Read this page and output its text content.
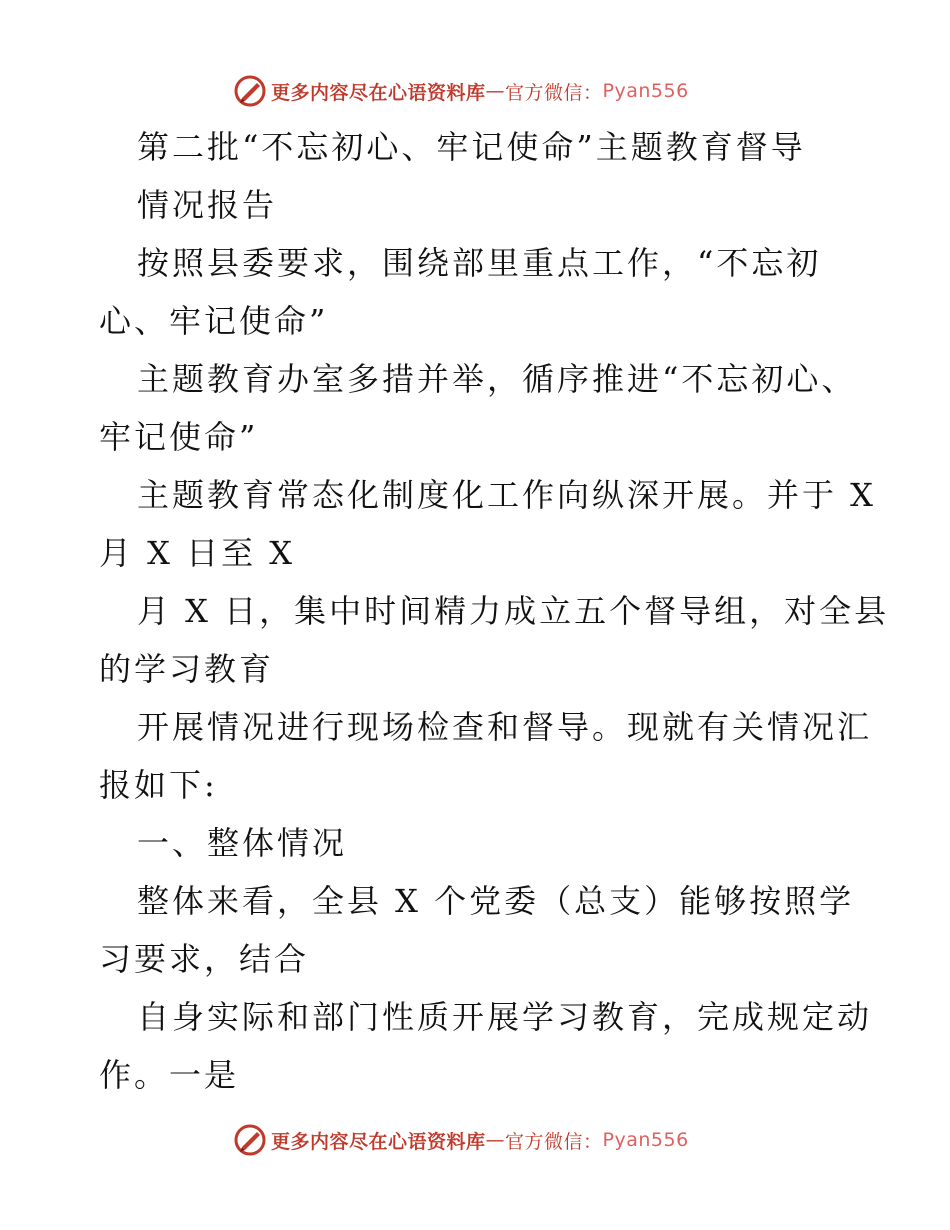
更多内容尽在心语资料库 — 官方微信： Pyan556
第二批“不忘初心、牢记使命”主题教育督导
情况报告
按照县委要求，围绕部里重点工作，“不忘初
心、牢记使命”
主题教育办室多措并举，循序推进“不忘初心、
牢记使命”
主题教育常态化制度化工作向纵深开展。并于 X
月 X 日至 X
月 X 日，集中时间精力成立五个督导组，对全县
的学习教育
开展情况进行现场检查和督导。现就有关情况汇
报如下:
一、整体情况
整体来看，全县 X 个党委（总支）能够按照学
习要求，结合
自身实际和部门性质开展学习教育，完成规定动
作。一是
更多内容尽在心语资料库 — 官方微信： Pyan556
